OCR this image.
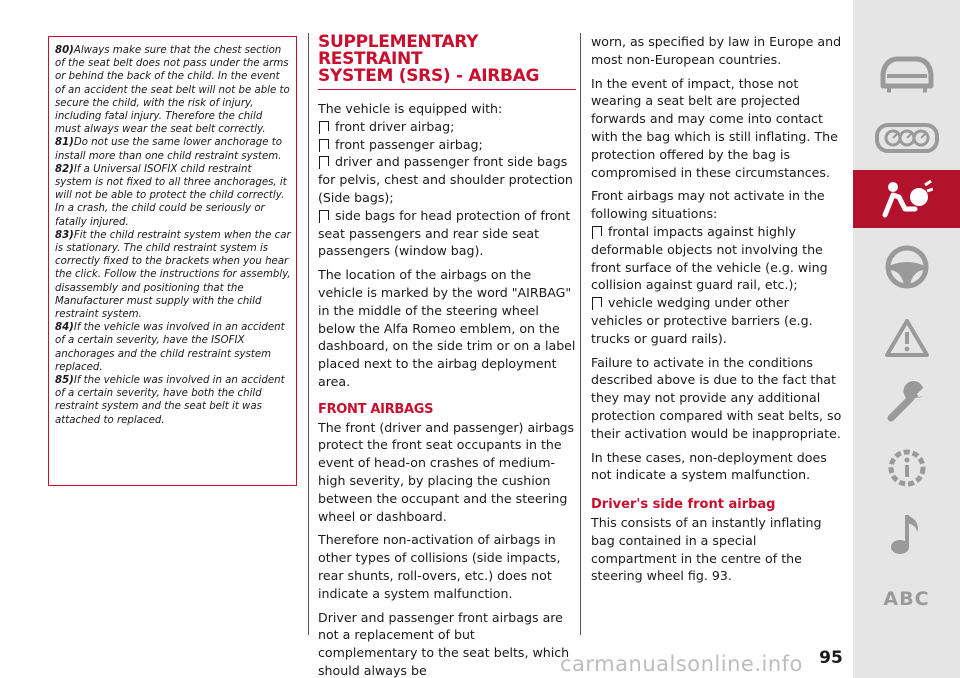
80)Always make sure that the chest section of the seat belt does not pass under the arms or behind the back of the child. In the event of an accident the seat belt will not be able to secure the child, with the risk of injury, including fatal injury. Therefore the child must always wear the seat belt correctly.
81)Do not use the same lower anchorage to install more than one child restraint system.
82)If a Universal ISOFIX child restraint system is not fixed to all three anchorages, it will not be able to protect the child correctly. In a crash, the child could be seriously or fatally injured.
83)Fit the child restraint system when the car is stationary. The child restraint system is correctly fixed to the brackets when you hear the click. Follow the instructions for assembly, disassembly and positioning that the Manufacturer must supply with the child restraint system.
84)If the vehicle was involved in an accident of a certain severity, have the ISOFIX anchorages and the child restraint system replaced.
85)If the vehicle was involved in an accident of a certain severity, have both the child restraint system and the seat belt it was attached to replaced.
SUPPLEMENTARY RESTRAINT
SYSTEM (SRS) - AIRBAG

The vehicle is equipped with:

front driver airbag;

front passenger airbag;

driver and passenger front side bags for pelvis, chest and shoulder protection (Side bags);

side bags for head protection of front seat passengers and rear side seat passengers (window bag).

The location of the airbags on the vehicle is marked by the word "AIRBAG" in the middle of the steering wheel below the Alfa Romeo emblem, on the dashboard, on the side trim or on a label placed next to the airbag deployment area.

FRONT AIRBAGS

The front (driver and passenger) airbags protect the front seat occupants in the event of head-on crashes of medium-high severity, by placing the cushion between the occupant and the steering wheel or dashboard.

Therefore non-activation of airbags in other types of collisions (side impacts, rear shunts, roll-overs, etc.) does not indicate a system malfunction.

Driver and passenger front airbags are not a replacement of but complementary to the seat belts, which should always be

worn, as specified by law in Europe and most non-European countries.

In the event of impact, those not wearing a seat belt are projected forwards and may come into contact with the bag which is still inflating. The protection offered by the bag is compromised in these circumstances.

Front airbags may not activate in the following situations:

frontal impacts against highly deformable objects not involving the front surface of the vehicle (e.g. wing collision against guard rail, etc.);

vehicle wedging under other vehicles or protective barriers (e.g. trucks or guard rails).

Failure to activate in the conditions described above is due to the fact that they may not provide any additional protection compared with seat belts, so their activation would be inappropriate.

In these cases, non-deployment does not indicate a system malfunction.

Driver's side front airbag

This consists of an instantly inflating bag contained in a special compartment in the centre of the steering wheel fig. 93.

ABC
carmanualsonline.info 95
